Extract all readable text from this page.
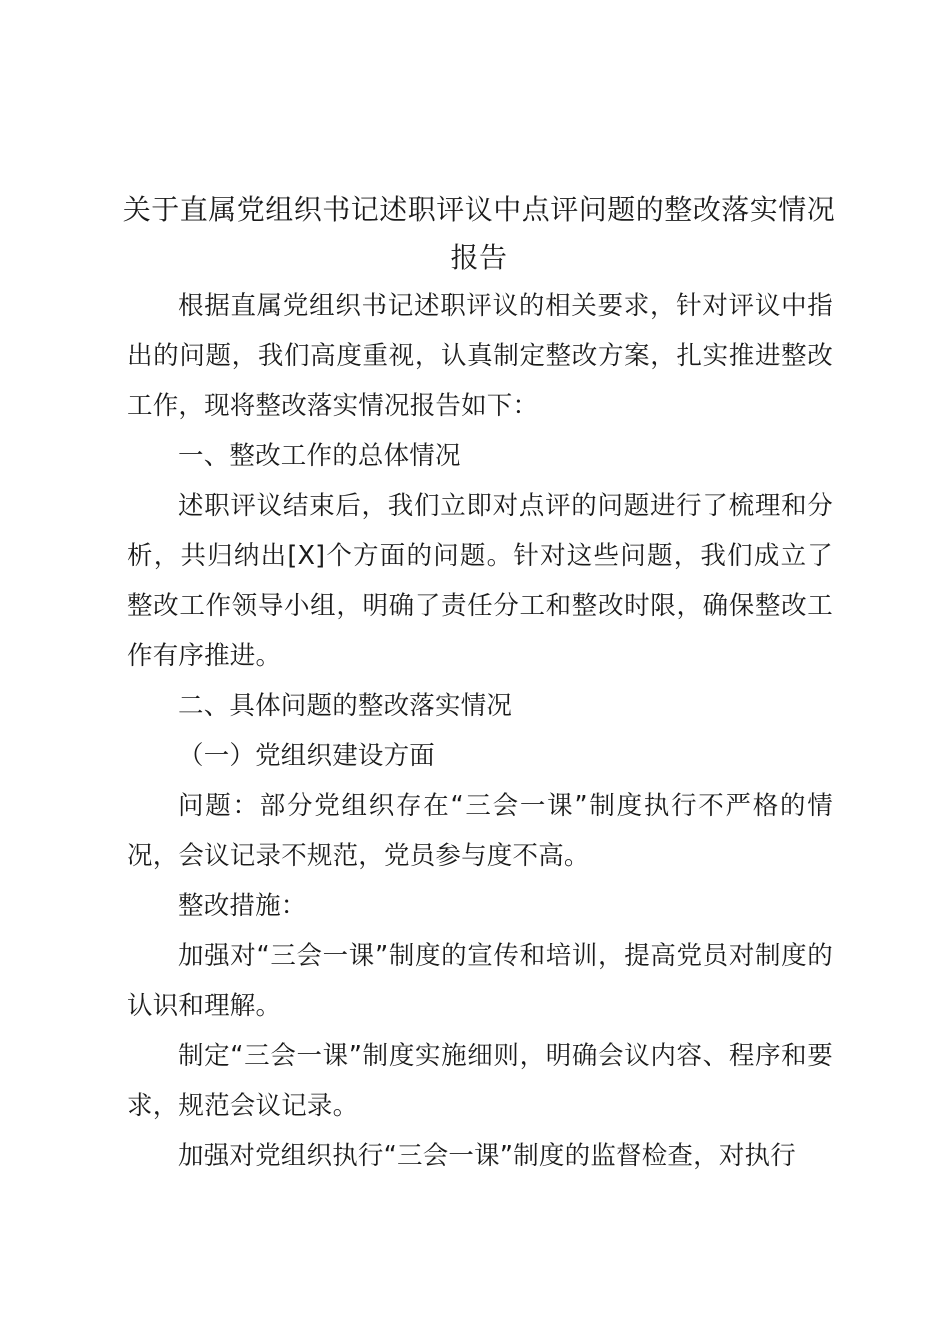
关于直属党组织书记述职评议中点评问题的整改落实情况报告

根据直属党组织书记述职评议的相关要求，针对评议中指出的问题，我们高度重视，认真制定整改方案，扎实推进整改工作，现将整改落实情况报告如下：

一、整改工作的总体情况

述职评议结束后，我们立即对点评的问题进行了梳理和分析，共归纳出[X]个方面的问题。针对这些问题，我们成立了整改工作领导小组，明确了责任分工和整改时限，确保整改工作有序推进。

二、具体问题的整改落实情况

（一）党组织建设方面

问题：部分党组织存在“三会一课”制度执行不严格的情况，会议记录不规范，党员参与度不高。

整改措施：

加强对“三会一课”制度的宣传和培训，提高党员对制度的认识和理解。

制定“三会一课”制度实施细则，明确会议内容、程序和要求，规范会议记录。

加强对党组织执行“三会一课”制度的监督检查，对执行
